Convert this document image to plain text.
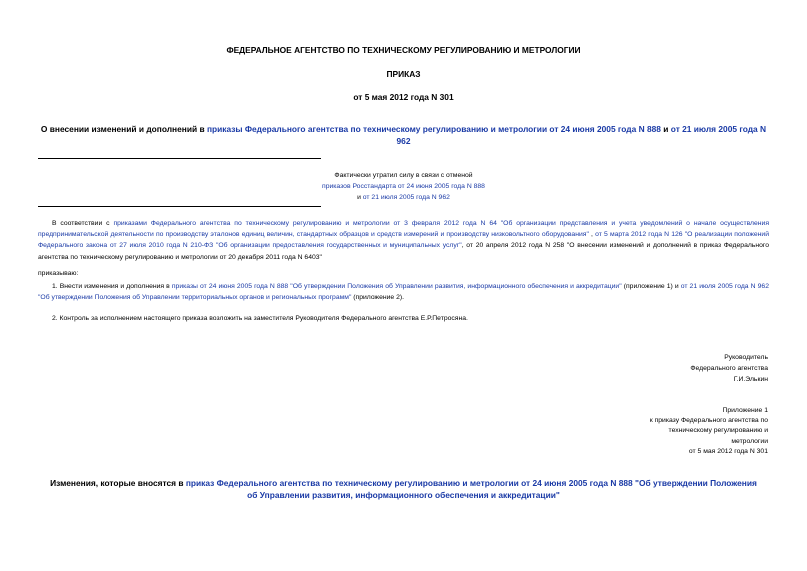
ФЕДЕРАЛЬНОЕ АГЕНТСТВО ПО ТЕХНИЧЕСКОМУ РЕГУЛИРОВАНИЮ И МЕТРОЛОГИИ
ПРИКАЗ
от 5 мая 2012 года N 301
О внесении изменений и дополнений в приказы Федерального агентства по техническому регулированию и метрологии от 24 июня 2005 года N 888 и от 21 июля 2005 года N 962
Фактически утратил силу в связи с отменой
приказов Росстандарта от 24 июня 2005 года N 888
и от 21 июля 2005 года N 962
В соответствии с приказами Федерального агентства по техническому регулированию и метрологии от 3 февраля 2012 года N 64 "Об организации представления и учета уведомлений о начале осуществления предпринимательской деятельности по производству эталонов единиц величин, стандартных образцов и средств измерений и производству низковольтного оборудования" , от 5 марта 2012 года N 126 "О реализации положений Федерального закона от 27 июля 2010 года N 210-ФЗ "Об организации предоставления государственных и муниципальных услуг", от 20 апреля 2012 года N 258 "О внесении изменений и дополнений в приказ Федерального агентства по техническому регулированию и метрологии от 20 декабря 2011 года N 6403"
приказываю:
1. Внести изменения и дополнения в приказы от 24 июня 2005 года N 888 "Об утверждении Положения об Управлении развития, информационного обеспечения и аккредитации" (приложение 1) и от 21 июля 2005 года N 962 "Об утверждении Положения об Управлении территориальных органов и региональных программ" (приложение 2).
2. Контроль за исполнением настоящего приказа возложить на заместителя Руководителя Федерального агентства Е.Р.Петросяна.
Руководитель
Федерального агентства
Г.И.Элькин
Приложение 1
к приказу Федерального агентства по
техническому регулированию и
метрологии
от 5 мая 2012 года N 301
Изменения, которые вносятся в приказ Федерального агентства по техническому регулированию и метрологии от 24 июня 2005 года N 888 "Об утверждении Положения об Управлении развития, информационного обеспечения и аккредитации"
